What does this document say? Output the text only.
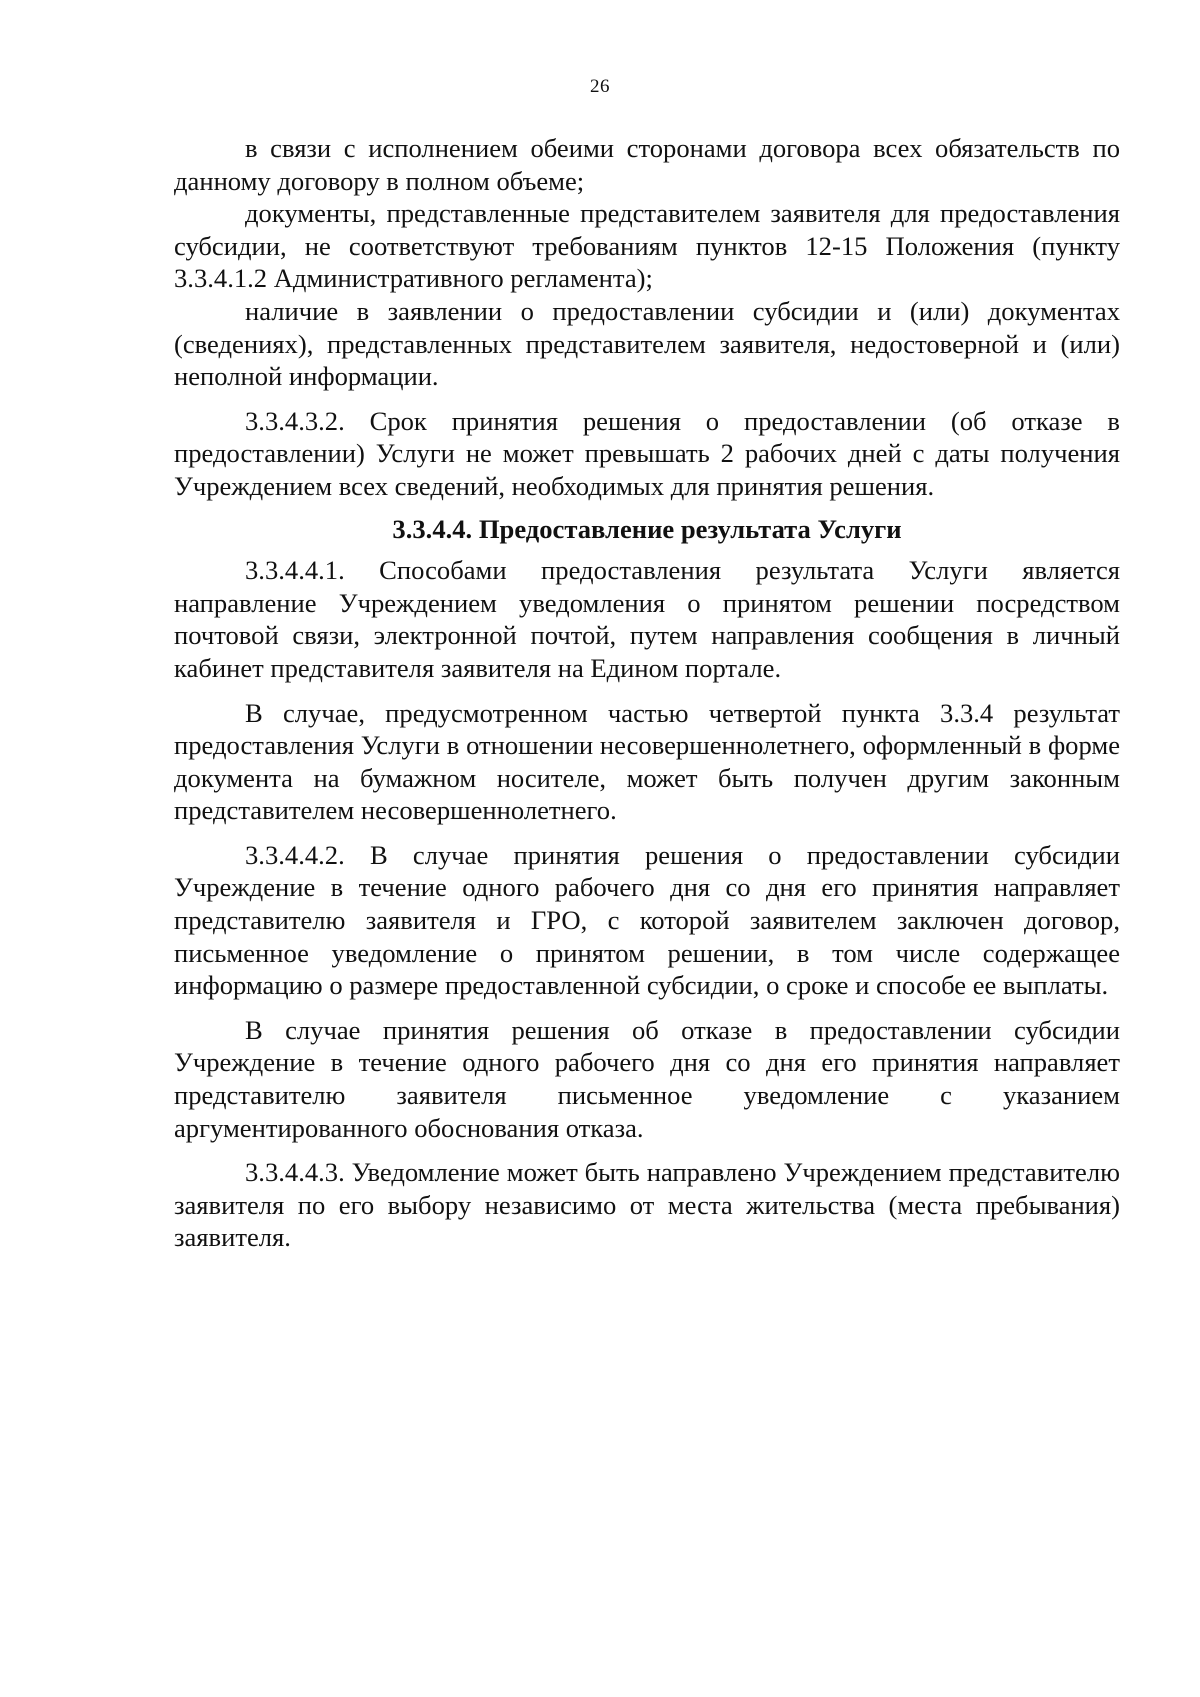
26

в связи с исполнением обеими сторонами договора всех обязательств по данному договору в полном объеме;

документы, представленные представителем заявителя для предоставления субсидии, не соответствуют требованиям пунктов 12-15 Положения (пункту 3.3.4.1.2 Административного регламента);

наличие в заявлении о предоставлении субсидии и (или) документах (сведениях), представленных представителем заявителя, недостоверной и (или) неполной информации.

3.3.4.3.2. Срок принятия решения о предоставлении (об отказе в предоставлении) Услуги не может превышать 2 рабочих дней с даты получения Учреждением всех сведений, необходимых для принятия решения.

3.3.4.4. Предоставление результата Услуги

3.3.4.4.1. Способами предоставления результата Услуги является направление Учреждением уведомления о принятом решении посредством почтовой связи, электронной почтой, путем направления сообщения в личный кабинет представителя заявителя на Едином портале.

В случае, предусмотренном частью четвертой пункта 3.3.4 результат предоставления Услуги в отношении несовершеннолетнего, оформленный в форме документа на бумажном носителе, может быть получен другим законным представителем несовершеннолетнего.

3.3.4.4.2. В случае принятия решения о предоставлении субсидии Учреждение в течение одного рабочего дня со дня его принятия направляет представителю заявителя и ГРО, с которой заявителем заключен договор, письменное уведомление о принятом решении, в том числе содержащее информацию о размере предоставленной субсидии, о сроке и способе ее выплаты.

В случае принятия решения об отказе в предоставлении субсидии Учреждение в течение одного рабочего дня со дня его принятия направляет представителю заявителя письменное уведомление с указанием аргументированного обоснования отказа.

3.3.4.4.3. Уведомление может быть направлено Учреждением представителю заявителя по его выбору независимо от места жительства (места пребывания) заявителя.
